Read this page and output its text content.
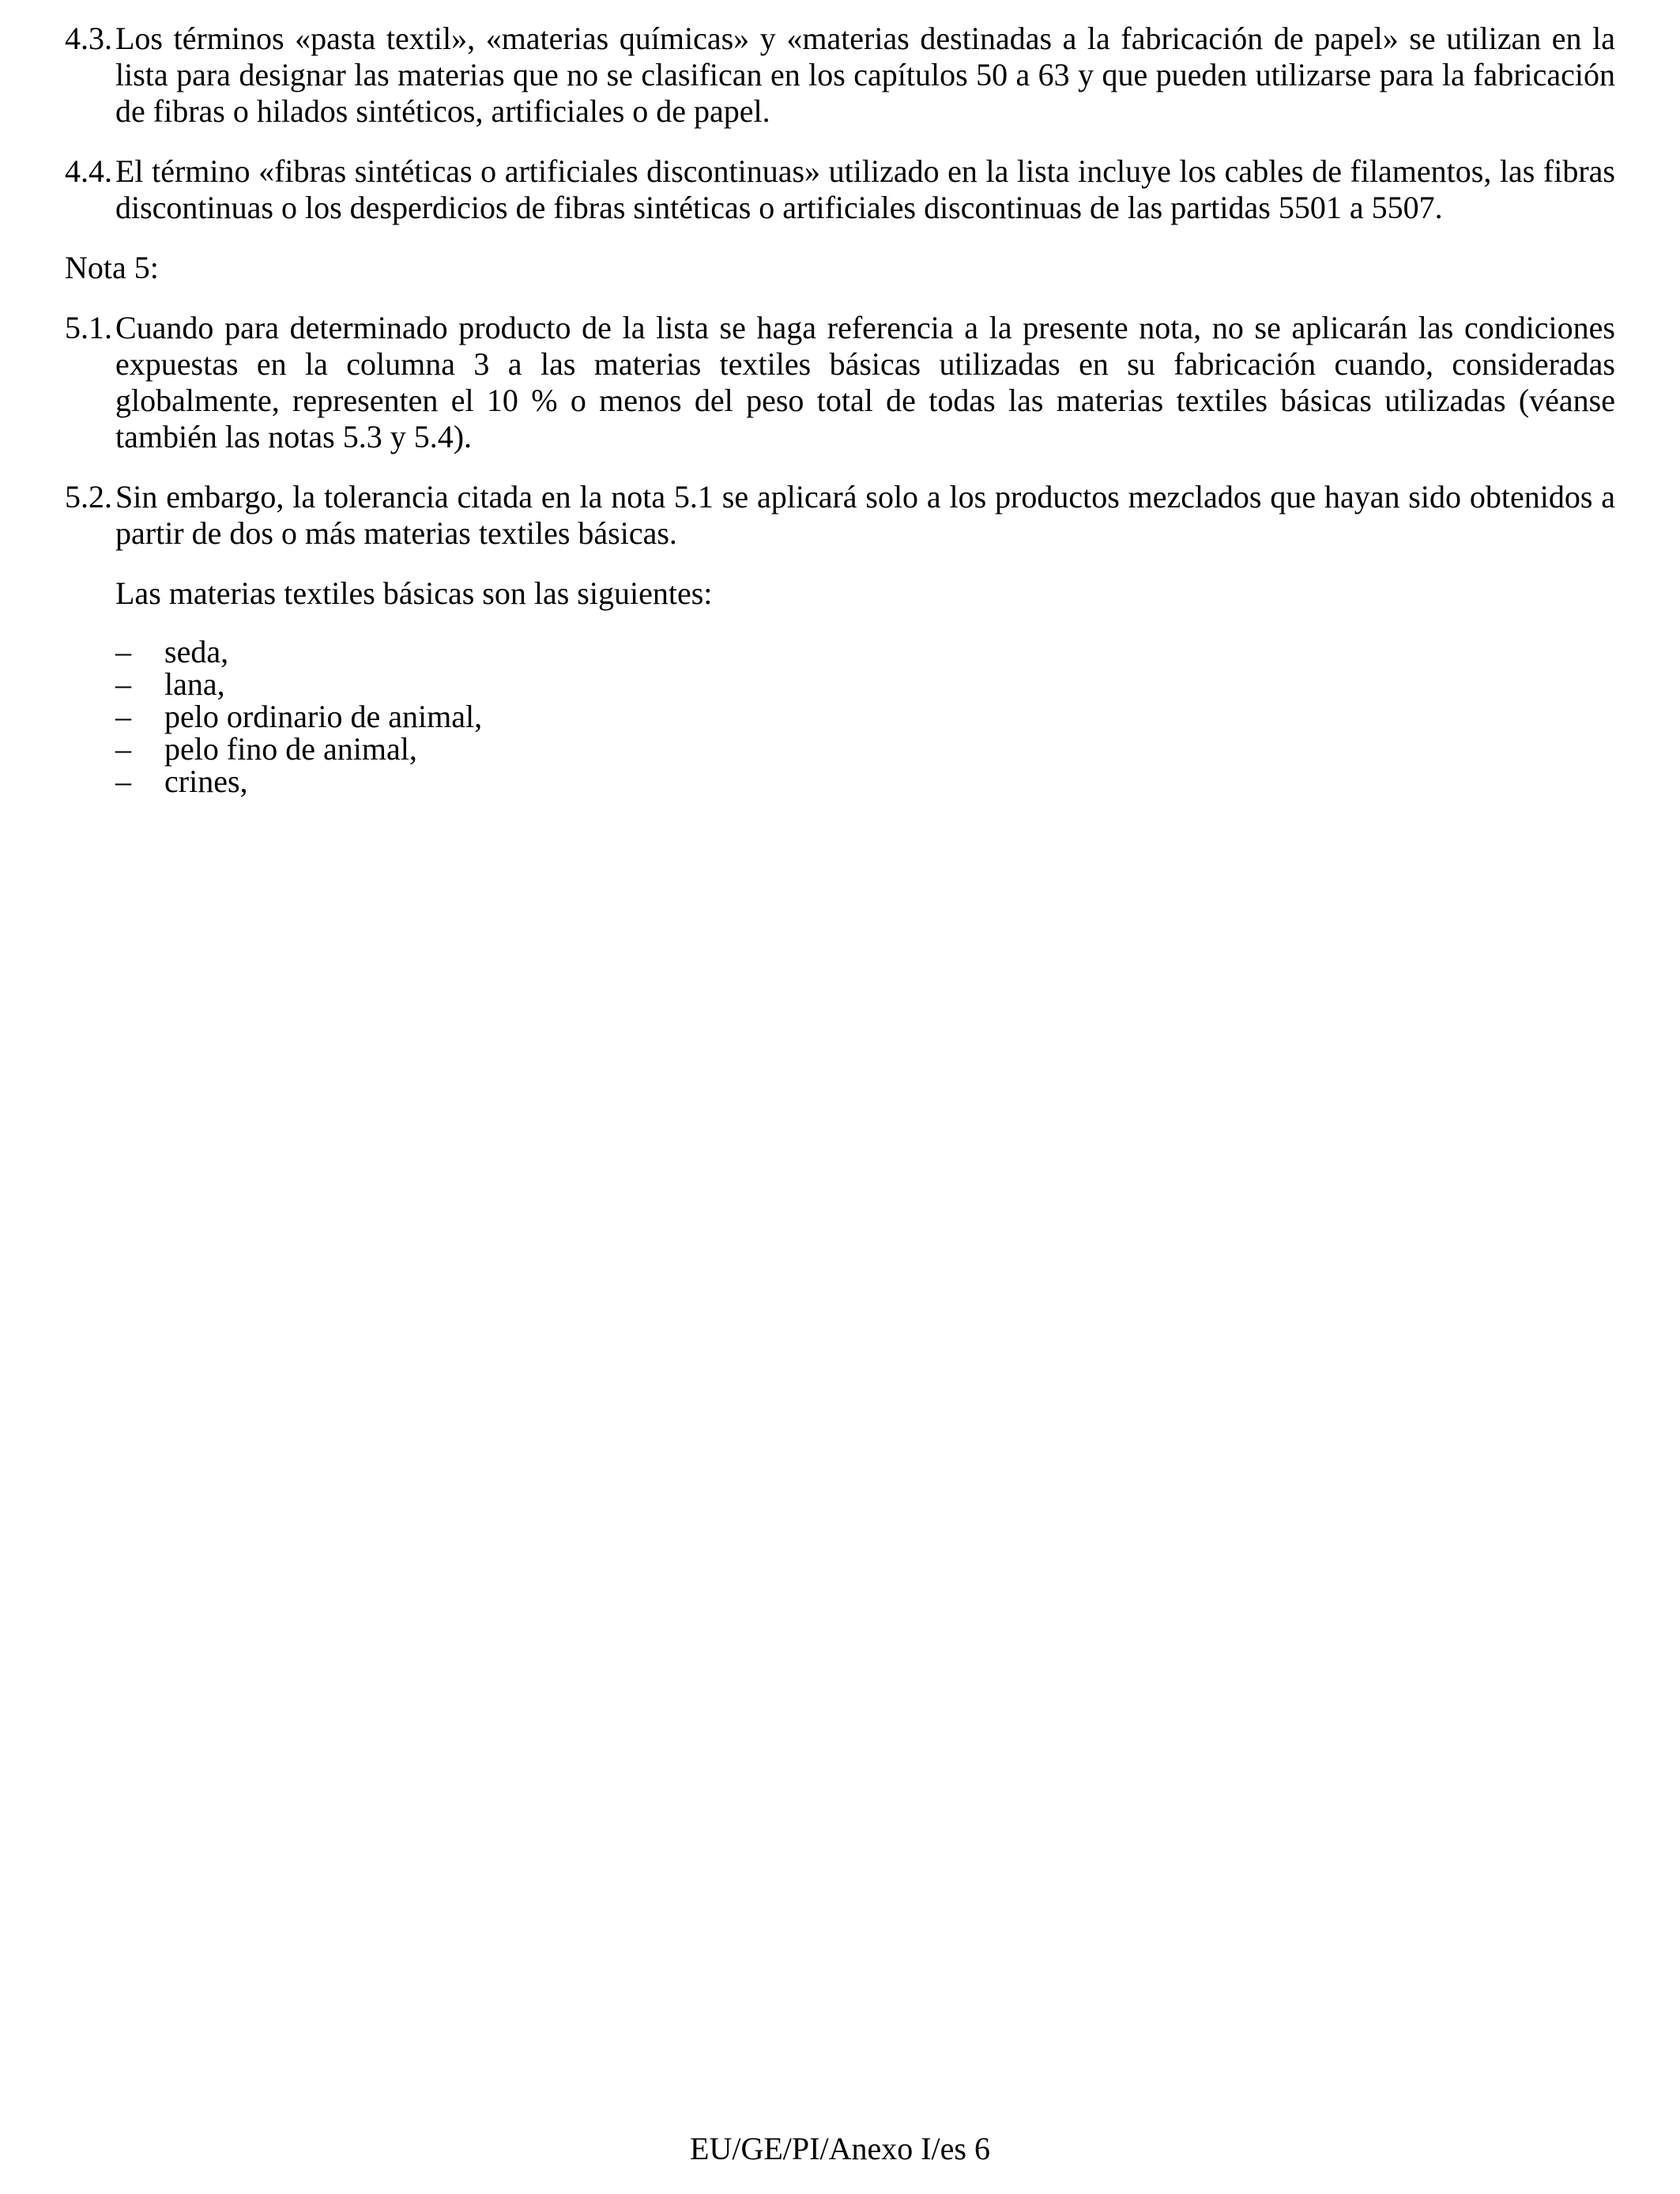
4.3. Los términos «pasta textil», «materias químicas» y «materias destinadas a la fabricación de papel» se utilizan en la lista para designar las materias que no se clasifican en los capítulos 50 a 63 y que pueden utilizarse para la fabricación de fibras o hilados sintéticos, artificiales o de papel.
4.4. El término «fibras sintéticas o artificiales discontinuas» utilizado en la lista incluye los cables de filamentos, las fibras discontinuas o los desperdicios de fibras sintéticas o artificiales discontinuas de las partidas 5501 a 5507.
Nota 5:
5.1. Cuando para determinado producto de la lista se haga referencia a la presente nota, no se aplicarán las condiciones expuestas en la columna 3 a las materias textiles básicas utilizadas en su fabricación cuando, consideradas globalmente, representen el 10 % o menos del peso total de todas las materias textiles básicas utilizadas (véanse también las notas 5.3 y 5.4).
5.2. Sin embargo, la tolerancia citada en la nota 5.1 se aplicará solo a los productos mezclados que hayan sido obtenidos a partir de dos o más materias textiles básicas.
Las materias textiles básicas son las siguientes:
–	seda,
–	lana,
–	pelo ordinario de animal,
–	pelo fino de animal,
–	crines,
EU/GE/PI/Anexo I/es 6
